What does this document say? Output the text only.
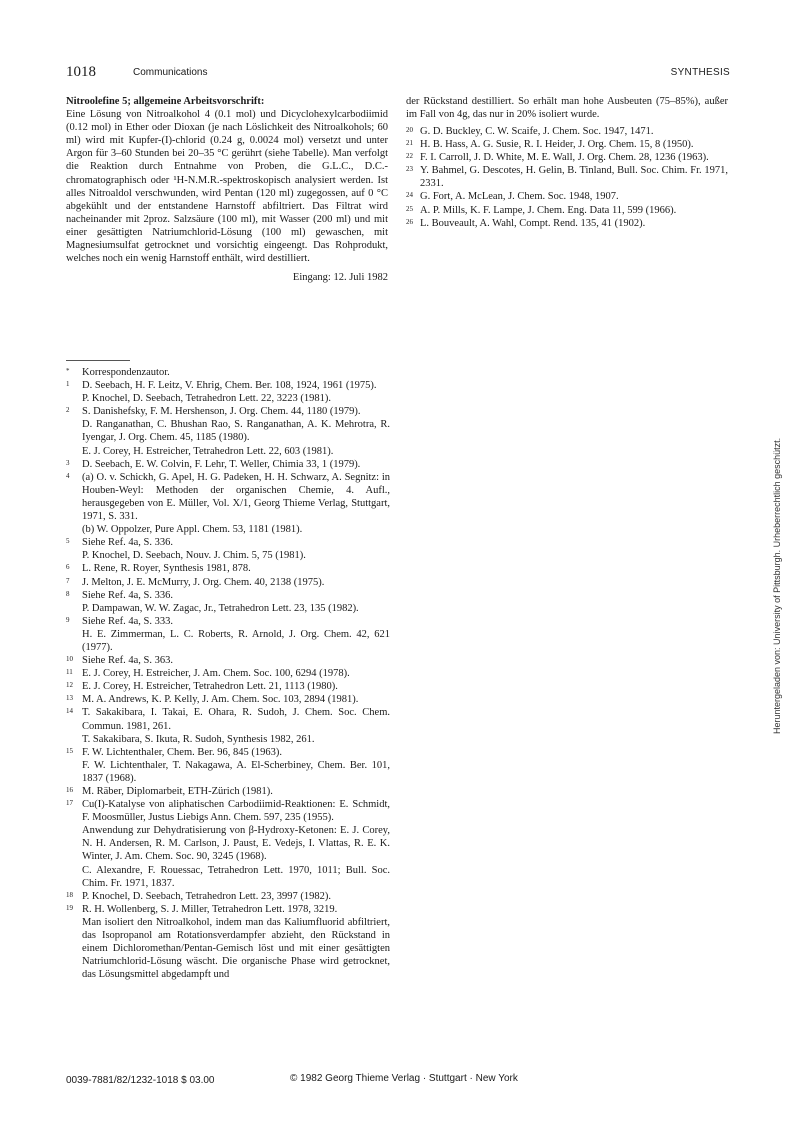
1018	Communications	SYNTHESIS
Nitroolefine 5; allgemeine Arbeitsvorschrift:

Eine Lösung von Nitroalkohol 4 (0.1 mol) und Dicyclohexylcarbodiimid (0.12 mol) in Ether oder Dioxan (je nach Löslichkeit des Nitroalkohols; 60 ml) wird mit Kupfer-(I)-chlorid (0.24 g, 0.0024 mol) versetzt und unter Argon für 3–60 Stunden bei 20–35 °C gerührt (siehe Tabelle). Man verfolgt die Reaktion durch Entnahme von Proben, die G.L.C., D.C.-chromatographisch oder ¹H-N.M.R.-spektroskopisch analysiert werden. Ist alles Nitroaldol verschwunden, wird Pentan (120 ml) zugegossen, auf 0 °C abgekühlt und der entstandene Harnstoff abfiltriert. Das Filtrat wird nacheinander mit 2proz. Salzsäure (100 ml), mit Wasser (200 ml) und mit einer gesättigten Natriumchlorid-Lösung (100 ml) gewaschen, mit Magnesiumsulfat getrocknet und vorsichtig eingeengt. Das Rohprodukt, welches noch ein wenig Harnstoff enthält, wird destilliert.

Eingang: 12. Juli 1982

der Rückstand destilliert. So erhält man hohe Ausbeuten (75–85%), außer im Fall von 4g, das nur in 20% isoliert wurde.

* Korrespondenzautor.
1 D. Seebach, H. F. Leitz, V. Ehrig, Chem. Ber. 108, 1924, 1961 (1975).
P. Knochel, D. Seebach, Tetrahedron Lett. 22, 3223 (1981).
2 S. Danishefsky, F. M. Hershenson, J. Org. Chem. 44, 1180 (1979).
D. Ranganathan, C. Bhushan Rao, S. Ranganathan, A. K. Mehrotra, R. Iyengar, J. Org. Chem. 45, 1185 (1980).
E. J. Corey, H. Estreicher, Tetrahedron Lett. 22, 603 (1981).
3 D. Seebach, E. W. Colvin, F. Lehr, T. Weller, Chimia 33, 1 (1979).
4 (a) O. v. Schickh, G. Apel, H. G. Padeken, H. H. Schwarz, A. Segnitz: in Houben-Weyl: Methoden der organischen Chemie, 4. Aufl., herausgegeben von E. Müller, Vol. X/1, Georg Thieme Verlag, Stuttgart, 1971, S. 331.
(b) W. Oppolzer, Pure Appl. Chem. 53, 1181 (1981).
5 Siehe Ref. 4a, S. 336.
P. Knochel, D. Seebach, Nouv. J. Chim. 5, 75 (1981).
6 L. Rene, R. Royer, Synthesis 1981, 878.
7 J. Melton, J. E. McMurry, J. Org. Chem. 40, 2138 (1975).
8 Siehe Ref. 4a, S. 336.
P. Dampawan, W. W. Zagac, Jr., Tetrahedron Lett. 23, 135 (1982).
9 Siehe Ref. 4a, S. 333.
H. E. Zimmerman, L. C. Roberts, R. Arnold, J. Org. Chem. 42, 621 (1977).
10 Siehe Ref. 4a, S. 363.
11 E. J. Corey, H. Estreicher, J. Am. Chem. Soc. 100, 6294 (1978).
12 E. J. Corey, H. Estreicher, Tetrahedron Lett. 21, 1113 (1980).
13 M. A. Andrews, K. P. Kelly, J. Am. Chem. Soc. 103, 2894 (1981).
14 T. Sakakibara, I. Takai, E. Ohara, R. Sudoh, J. Chem. Soc. Chem. Commun. 1981, 261.
T. Sakakibara, S. Ikuta, R. Sudoh, Synthesis 1982, 261.
15 F. W. Lichtenthaler, Chem. Ber. 96, 845 (1963).
F. W. Lichtenthaler, T. Nakagawa, A. El-Scherbiney, Chem. Ber. 101, 1837 (1968).
16 M. Räber, Diplomarbeit, ETH-Zürich (1981).
17 Cu(I)-Katalyse von aliphatischen Carbodiimid-Reaktionen: E. Schmidt, F. Moosmüller, Justus Liebigs Ann. Chem. 597, 235 (1955).
Anwendung zur Dehydratisierung von β-Hydroxy-Ketonen: E. J. Corey, N. H. Andersen, R. M. Carlson, J. Paust, E. Vedejs, I. Vlattas, R. E. K. Winter, J. Am. Chem. Soc. 90, 3245 (1968).
C. Alexandre, F. Rouessac, Tetrahedron Lett. 1970, 1011; Bull. Soc. Chim. Fr. 1971, 1837.
18 P. Knochel, D. Seebach, Tetrahedron Lett. 23, 3997 (1982).
19 R. H. Wollenberg, S. J. Miller, Tetrahedron Lett. 1978, 3219.
Man isoliert den Nitroalkohol, indem man das Kaliumfluorid abfiltriert, das Isopropanol am Rotationsverdampfer abzieht, den Rückstand in einem Dichloromethan/Pentan-Gemisch löst und mit einer gesättigten Natriumchlorid-Lösung wäscht. Die organische Phase wird getrocknet, das Lösungsmittel abgedampft und
20 G. D. Buckley, C. W. Scaife, J. Chem. Soc. 1947, 1471.
21 H. B. Hass, A. G. Susie, R. I. Heider, J. Org. Chem. 15, 8 (1950).
22 F. I. Carroll, J. D. White, M. E. Wall, J. Org. Chem. 28, 1236 (1963).
23 Y. Bahmel, G. Descotes, H. Gelin, B. Tinland, Bull. Soc. Chim. Fr. 1971, 2331.
24 G. Fort, A. McLean, J. Chem. Soc. 1948, 1907.
25 A. P. Mills, K. F. Lampe, J. Chem. Eng. Data 11, 599 (1966).
26 L. Bouveault, A. Wahl, Compt. Rend. 135, 41 (1902).
0039-7881/82/1232-1018 $ 03.00	© 1982 Georg Thieme Verlag · Stuttgart · New York
Heruntergeladen von: University of Pittsburgh. Urheberrechtlich geschützt.
